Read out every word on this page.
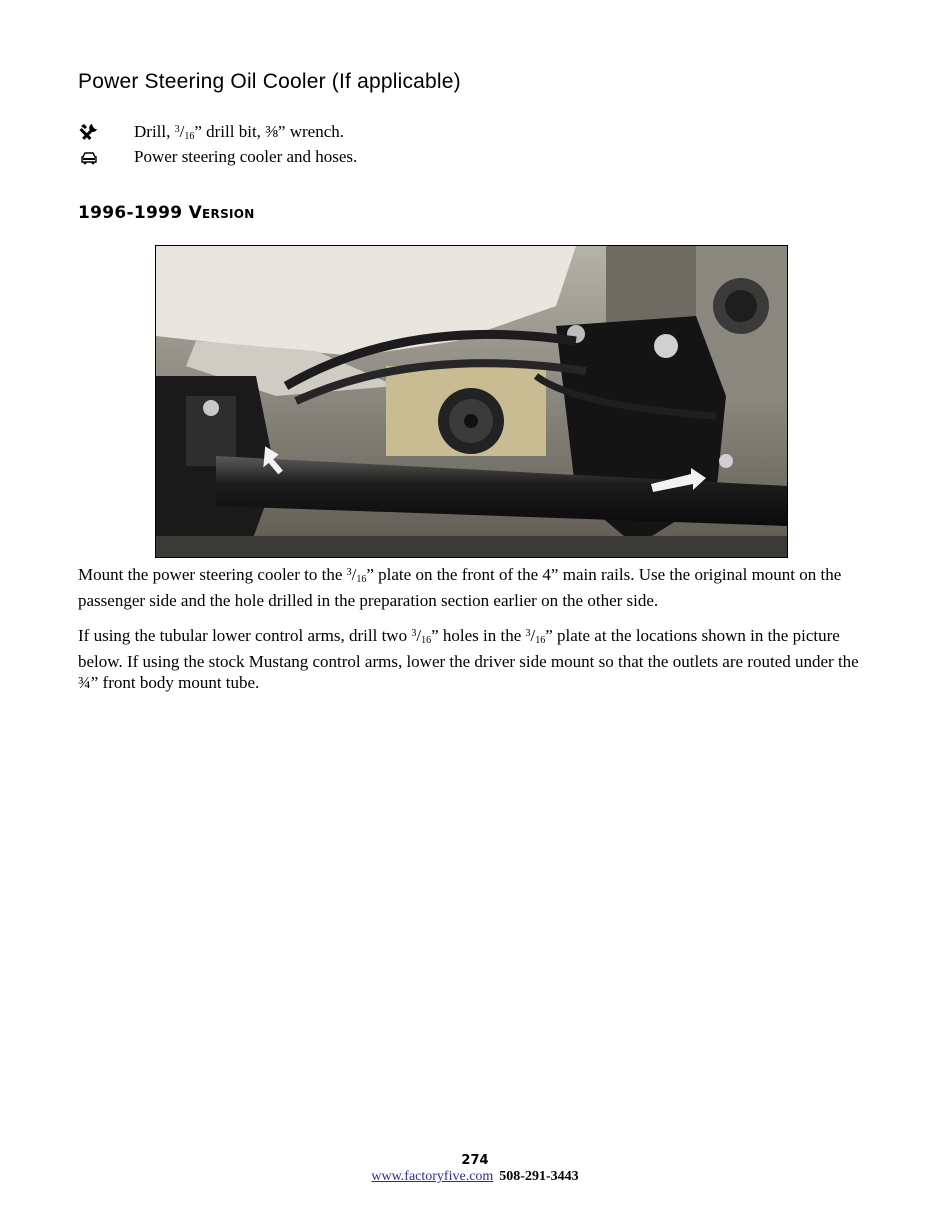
Power Steering Oil Cooler (If applicable)
Drill, $^3/_{16}$” drill bit, ⅜” wrench.
Power steering cooler and hoses.
1996-1999 Version

Mount the power steering cooler to the $^3/_{16}$” plate on the front of the 4” main rails. Use the original mount on the passenger side and the hole drilled in the preparation section earlier on the other side.

If using the tubular lower control arms, drill two $^3/_{16}$” holes in the $^3/_{16}$” plate at the locations shown in the picture below. If using the stock Mustang control arms, lower the driver side mount so that the outlets are routed under the ¾” front body mount tube.

274
www.factoryfive.com 508-291-3443
